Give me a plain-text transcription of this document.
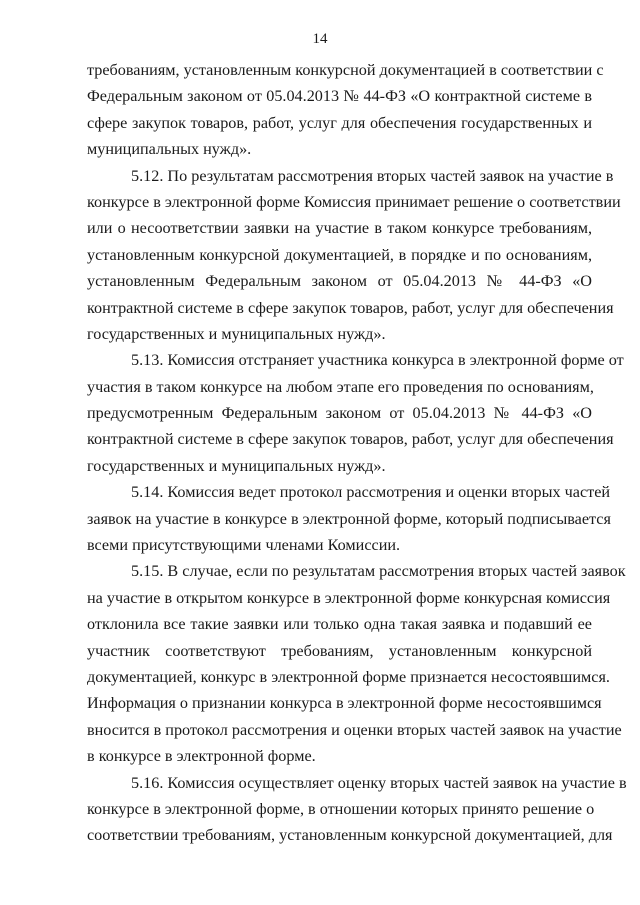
14
требованиям, установленным конкурсной документацией в соответствии с
Федеральным законом от 05.04.2013 № 44-ФЗ «О контрактной системе в
сфере закупок товаров, работ, услуг для обеспечения государственных и
муниципальных нужд».
5.12. По результатам рассмотрения вторых частей заявок на участие в
конкурсе в электронной форме Комиссия принимает решение о соответствии
или о несоответствии заявки на участие в таком конкурсе требованиям,
установленным конкурсной документацией, в порядке и по основаниям,
установленным Федеральным законом от 05.04.2013 № 44-ФЗ «О
контрактной системе в сфере закупок товаров, работ, услуг для обеспечения
государственных и муниципальных нужд».
5.13. Комиссия отстраняет участника конкурса в электронной форме от
участия в таком конкурсе на любом этапе его проведения по основаниям,
предусмотренным Федеральным законом от 05.04.2013 № 44-ФЗ «О
контрактной системе в сфере закупок товаров, работ, услуг для обеспечения
государственных и муниципальных нужд».
5.14. Комиссия ведет протокол рассмотрения и оценки вторых частей
заявок на участие в конкурсе в электронной форме, который подписывается
всеми присутствующими членами Комиссии.
5.15. В случае, если по результатам рассмотрения вторых частей заявок
на участие в открытом конкурсе в электронной форме конкурсная комиссия
отклонила все такие заявки или только одна такая заявка и подавший ее
участник соответствуют требованиям, установленным конкурсной
документацией, конкурс в электронной форме признается несостоявшимся.
Информация о признании конкурса в электронной форме несостоявшимся
вносится в протокол рассмотрения и оценки вторых частей заявок на участие
в конкурсе в электронной форме.
5.16. Комиссия осуществляет оценку вторых частей заявок на участие в
конкурсе в электронной форме, в отношении которых принято решение о
соответствии требованиям, установленным конкурсной документацией, для
